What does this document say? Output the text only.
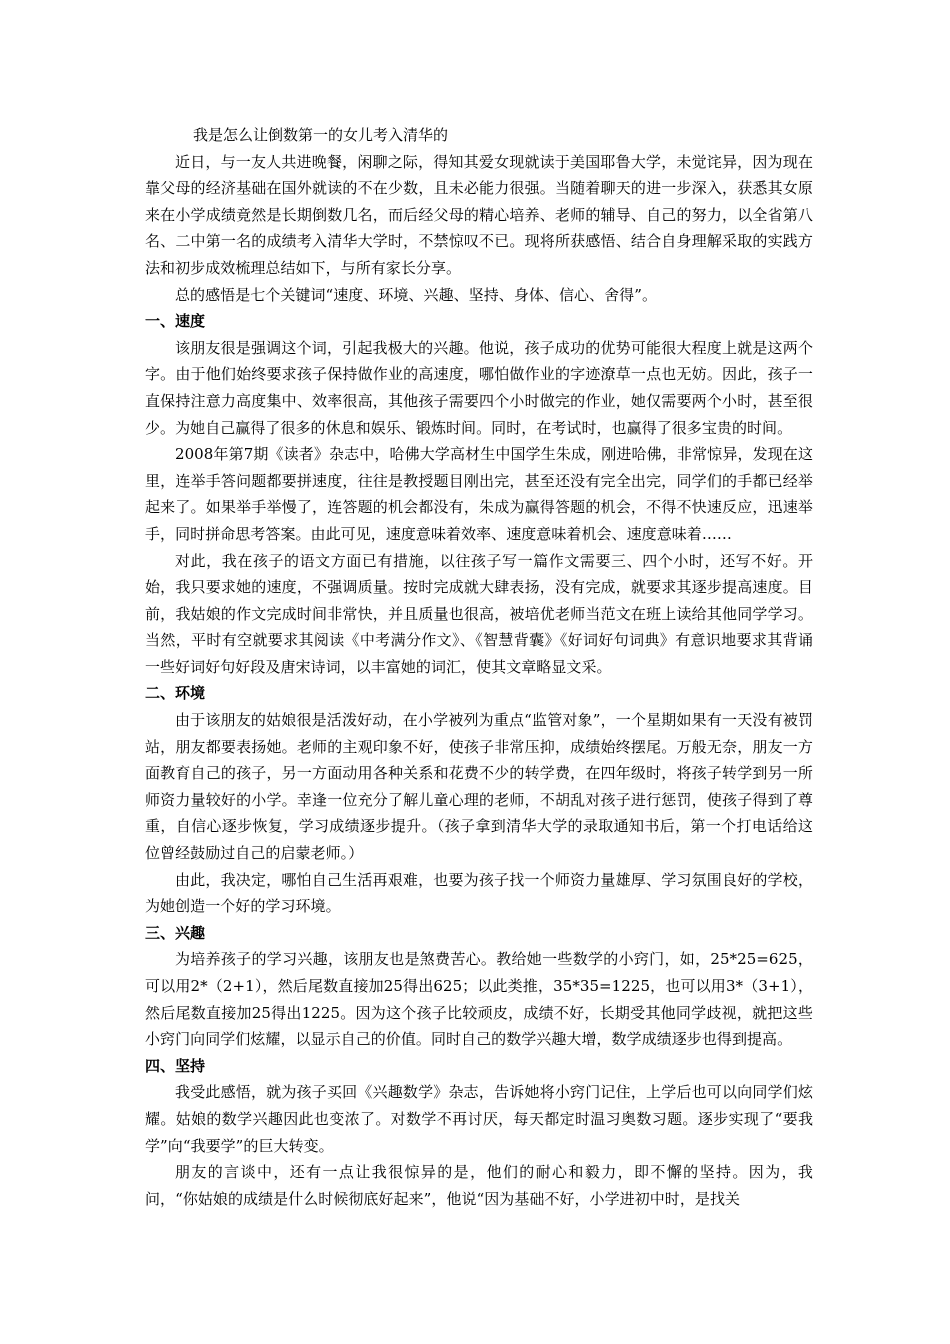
我是怎么让倒数第一的女儿考入清华的

近日，与一友人共进晚餐，闲聊之际，得知其爱女现就读于美国耶鲁大学，未觉诧异，因为现在靠父母的经济基础在国外就读的不在少数，且未必能力很强。当随着聊天的进一步深入，获悉其女原来在小学成绩竟然是长期倒数几名，而后经父母的精心培养、老师的辅导、自己的努力，以全省第八名、二中第一名的成绩考入清华大学时，不禁惊叹不已。现将所获感悟、结合自身理解采取的实践方法和初步成效梳理总结如下，与所有家长分享。

总的感悟是七个关键词“速度、环境、兴趣、坚持、身体、信心、舍得”。

一、速度

该朋友很是强调这个词，引起我极大的兴趣。他说，孩子成功的优势可能很大程度上就是这两个字。由于他们始终要求孩子保持做作业的高速度，哪怕做作业的字迹潦草一点也无妨。因此，孩子一直保持注意力高度集中、效率很高，其他孩子需要四个小时做完的作业，她仅需要两个小时，甚至很少。为她自己赢得了很多的休息和娱乐、锻炼时间。同时，在考试时，也赢得了很多宝贵的时间。

2008年第7期《读者》杂志中，哈佛大学高材生中国学生朱成，刚进哈佛，非常惊异，发现在这里，连举手答问题都要拼速度，往往是教授题目刚出完，甚至还没有完全出完，同学们的手都已经举起来了。如果举手举慢了，连答题的机会都没有，朱成为赢得答题的机会，不得不快速反应，迅速举手，同时拼命思考答案。由此可见，速度意味着效率、速度意味着机会、速度意味着……

对此，我在孩子的语文方面已有措施，以往孩子写一篇作文需要三、四个小时，还写不好。开始，我只要求她的速度，不强调质量。按时完成就大肆表扬，没有完成，就要求其逐步提高速度。目前，我姑娘的作文完成时间非常快，并且质量也很高，被培优老师当范文在班上读给其他同学学习。当然，平时有空就要求其阅读《中考满分作文》、《智慧背囊》《好词好句词典》有意识地要求其背诵一些好词好句好段及唐宋诗词，以丰富她的词汇，使其文章略显文采。

二、环境

由于该朋友的姑娘很是活泼好动，在小学被列为重点“监管对象”，一个星期如果有一天没有被罚站，朋友都要表扬她。老师的主观印象不好，使孩子非常压抑，成绩始终摆尾。万般无奈，朋友一方面教育自己的孩子，另一方面动用各种关系和花费不少的转学费，在四年级时，将孩子转学到另一所师资力量较好的小学。幸逢一位充分了解儿童心理的老师，不胡乱对孩子进行惩罚，使孩子得到了尊重，自信心逐步恢复，学习成绩逐步提升。（孩子拿到清华大学的录取通知书后，第一个打电话给这位曾经鼓励过自己的启蒙老师。）

由此，我决定，哪怕自己生活再艰难，也要为孩子找一个师资力量雄厚、学习氛围良好的学校，为她创造一个好的学习环境。

三、兴趣

为培养孩子的学习兴趣，该朋友也是煞费苦心。教给她一些数学的小窍门，如，25*25=625，可以用2*（2+1），然后尾数直接加25得出625；以此类推，35*35=1225，也可以用3*（3+1），然后尾数直接加25得出1225。因为这个孩子比较顽皮，成绩不好，长期受其他同学歧视，就把这些小窍门向同学们炫耀，以显示自己的价值。同时自己的数学兴趣大增，数学成绩逐步也得到提高。

四、坚持

我受此感悟，就为孩子买回《兴趣数学》杂志，告诉她将小窍门记住，上学后也可以向同学们炫耀。姑娘的数学兴趣因此也变浓了。对数学不再讨厌，每天都定时温习奥数习题。逐步实现了“要我学”向“我要学”的巨大转变。

朋友的言谈中，还有一点让我很惊异的是，他们的耐心和毅力，即不懈的坚持。因为，我问，“你姑娘的成绩是什么时候彻底好起来”，他说“因为基础不好，小学进初中时，是找关
